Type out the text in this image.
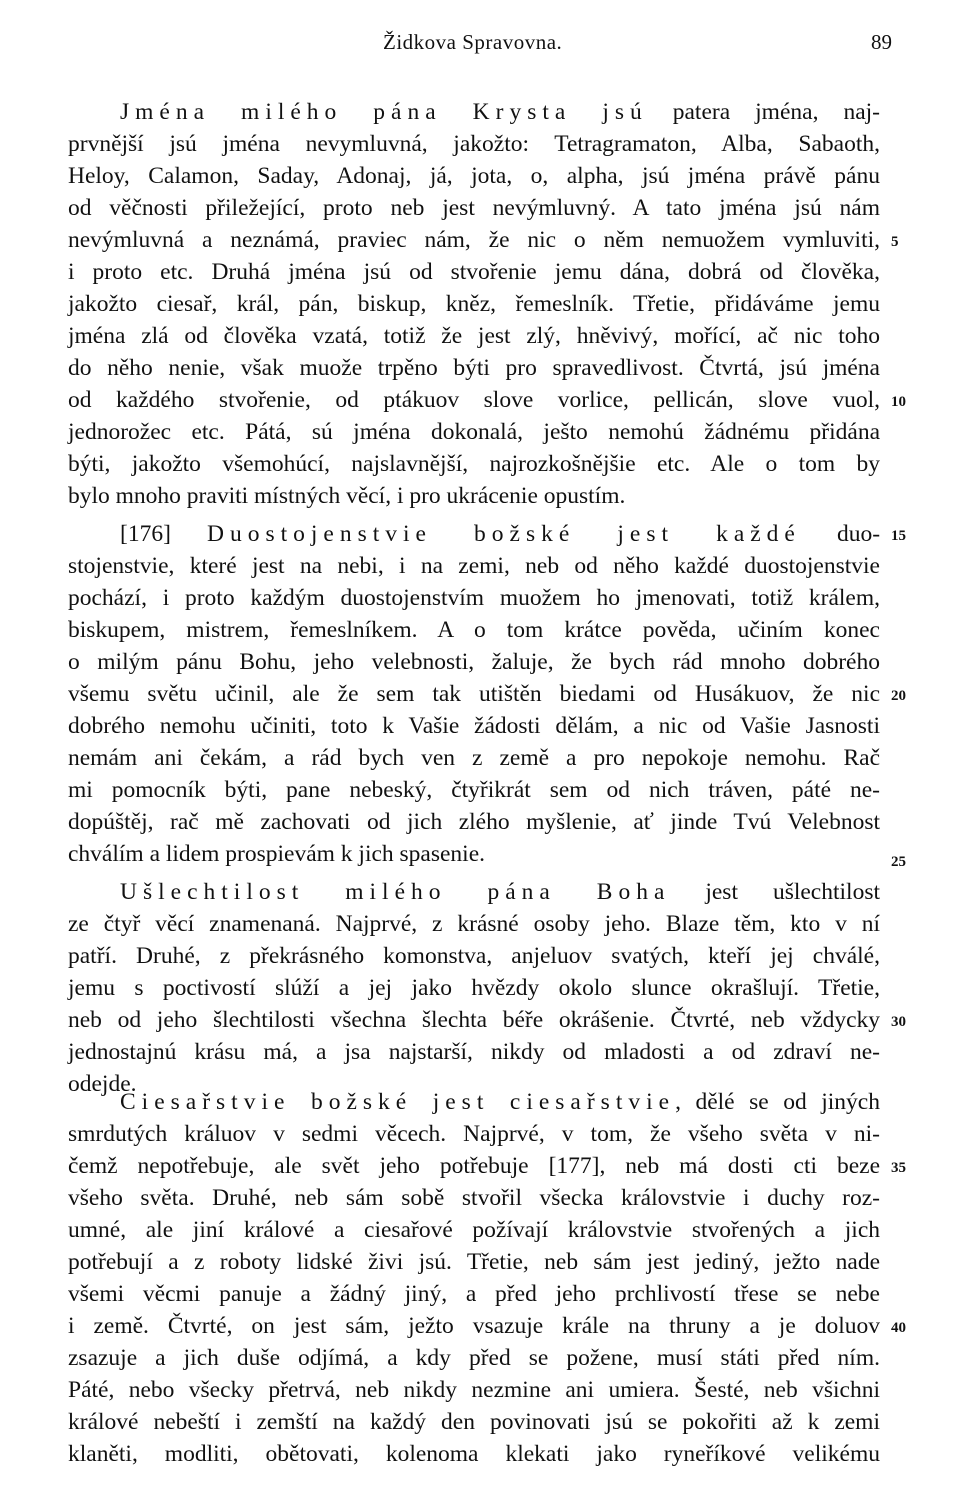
Židkova Spravovna.	89
Jména milého pána Krysta jsú patera jména, naj-
prvnější jsú jména nevymluvná, jakožto: Tetragramaton, Alba, Sabaoth,
Heloy, Calamon, Saday, Adonaj, já, jota, o, alpha, jsú jména právě pánu
od věčnosti přiležející, proto neb jest nevýmluvný. A tato jména jsú nám
nevýmluvná a neznámá, praviec nám, že nic o něm nemuožem vymluviti,
i proto etc. Druhá jména jsú od stvořenie jemu dána, dobrá od člověka,
jakožto ciesař, král, pán, biskup, kněz, řemeslník. Třetie, přidáváme jemu
jména zlá od člověka vzatá, totiž že jest zlý, hněvivý, mořící, ač nic toho
do něho nenie, však muože trpěno býti pro spravedlivost. Čtvrtá, jsú jména
od každého stvořenie, od ptákuov slove vorlice, pellicán, slove vuol,
jednorožec etc. Pátá, sú jména dokonalá, ješto nemohú žádnému přidána
býti, jakožto všemohúcí, najslavnější, najrozkošnějšie etc. Ale o tom by
bylo mnoho praviti místných věcí, i pro ukrácenie opustím.
[176] Duostojenstvie božské jest každé duo-
stojenstvie, které jest na nebi, i na zemi, neb od něho každé duostojenstvie
pochází, i proto každým duostojenstvím muožem ho jmenovati, totiž králem,
biskupem, mistrem, řemeslníkem. A o tom krátce pověda, učiním konec
o milým pánu Bohu, jeho velebnosti, žaluje, že bych rád mnoho dobrého
všemu světu učinil, ale že sem tak utištěn biedami od Husákuov, že nic
dobrého nemohu učiniti, toto k Vašie žádosti dělám, a nic od Vašie Jasnosti
nemám ani čekám, a rád bych ven z země a pro nepokoje nemohu. Rač
mi pomocník býti, pane nebeský, čtyřikrát sem od nich tráven, páté ne-
dopúštěj, rač mě zachovati od jich zlého myšlenie, ať jinde Tvú Velebnost
chválím a lidem prospievám k jich spasenie.
Ušlechtilost milého pána Boha jest ušlechtilost
ze čtyř věcí znamenaná. Najprvé, z krásné osoby jeho. Blaze těm, kto v ní
patří. Druhé, z překrásného komonstva, anjeluov svatých, kteří jej chválé,
jemu s poctivostí slúží a jej jako hvězdy okolo slunce okrašlují. Třetie,
neb od jeho šlechtilosti všechna šlechta béře okrášenie. Čtvrté, neb vždycky
jednostajnú krásu má, a jsa najstarší, nikdy od mladosti a od zdraví ne-
odejde.
Ciesařstvie božské jest ciesařstvie, dělé se od jiných
smrdutých králuov v sedmi věcech. Najprvé, v tom, že všeho světa v ni-
čemž nepotřebuje, ale svět jeho potřebuje [177], neb má dosti cti beze
všeho světa. Druhé, neb sám sobě stvořil všecka královstvie i duchy roz-
umné, ale jiní králové a ciesařové požívají královstvie stvořených a jich
potřebují a z roboty lidské živi jsú. Třetie, neb sám jest jediný, ježto nade
všemi věcmi panuje a žádný jiný, a před jeho prchlivostí třese se nebe
i země. Čtvrté, on jest sám, ježto vsazuje krále na thruny a je doluov
zsazuje a jich duše odjímá, a kdy před se požene, musí státi před ním.
Páté, nebo všecky přetrvá, neb nikdy nezmine ani umiera. Šesté, neb všichni
králové nebeští i zemští na každý den povinovati jsú se pokořiti až k zemi
klaněti, modliti, obětovati, kolenoma klekati jako ryneříkové velikému
5
10
15
20
25
30
35
40
